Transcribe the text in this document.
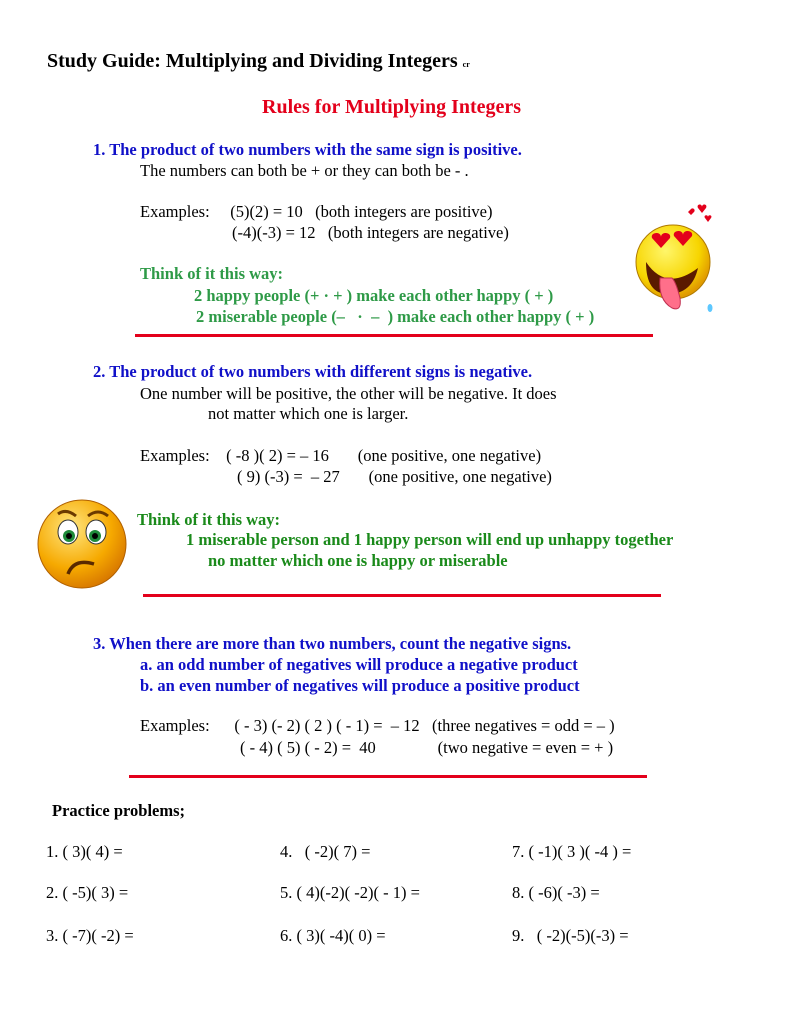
Study Guide: Multiplying and Dividing Integers cr
Rules for Multiplying Integers
1. The product of two numbers with the same sign is positive.
The numbers can both be + or they can both be - .
Examples:     (5)(2) = 10   (both integers are positive)
(-4)(-3) = 12   (both integers are negative)
Think of it this way:
2 happy people (+ · + ) make each other happy ( + )
2 miserable people (–   ·  –  ) make each other happy ( + )
2. The product of two numbers with different signs is negative.
One number will be positive, the other will be negative. It does
not matter which one is larger.
Examples:    ( -8 )( 2) = – 16       (one positive, one negative)
( 9) (-3) =  – 27       (one positive, one negative)
Think of it this way:
1 miserable person and 1 happy person will end up unhappy together
no matter which one is happy or miserable
3. When there are more than two numbers, count the negative signs.
a. an odd number of negatives will produce a negative product
b. an even number of negatives will produce a positive product
Examples:      ( - 3) (- 2) ( 2 ) ( - 1) =  – 12   (three negatives = odd = – )
( - 4) ( 5) ( - 2) =  40               (two negative = even = + )
Practice problems;
1. ( 3)( 4) =
2. ( -5)( 3) =
3. ( -7)( -2) =
4.   ( -2)( 7) =
5. ( 4)(-2)( -2)( - 1) =
6. ( 3)( -4)( 0) =
7. ( -1)( 3 )( -4 ) =
8. ( -6)( -3) =
9.   ( -2)(-5)(-3) =
